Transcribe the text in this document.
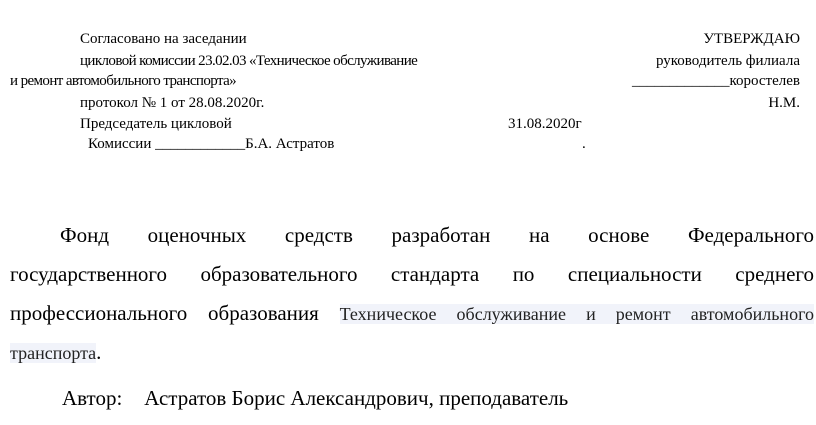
Согласовано на заседании
цикловой комиссии 23.02.03 «Техническое обслуживание
и ремонт автомобильного транспорта»
протокол № 1 от 28.08.2020г.
Председатель цикловой
Комиссии ____________Б.А. Астратов
УТВЕРЖДАЮ
руководитель филиала
_____________коростелев
Н.М.
31.08.2020г
.
Фонд оценочных средств разработан на основе Федерального
государственного образовательного стандарта по специальности среднего
профессионального образования Техническое обслуживание и ремонт автомобильного
транспорта.
Автор: Астратов Борис Александрович, преподаватель
